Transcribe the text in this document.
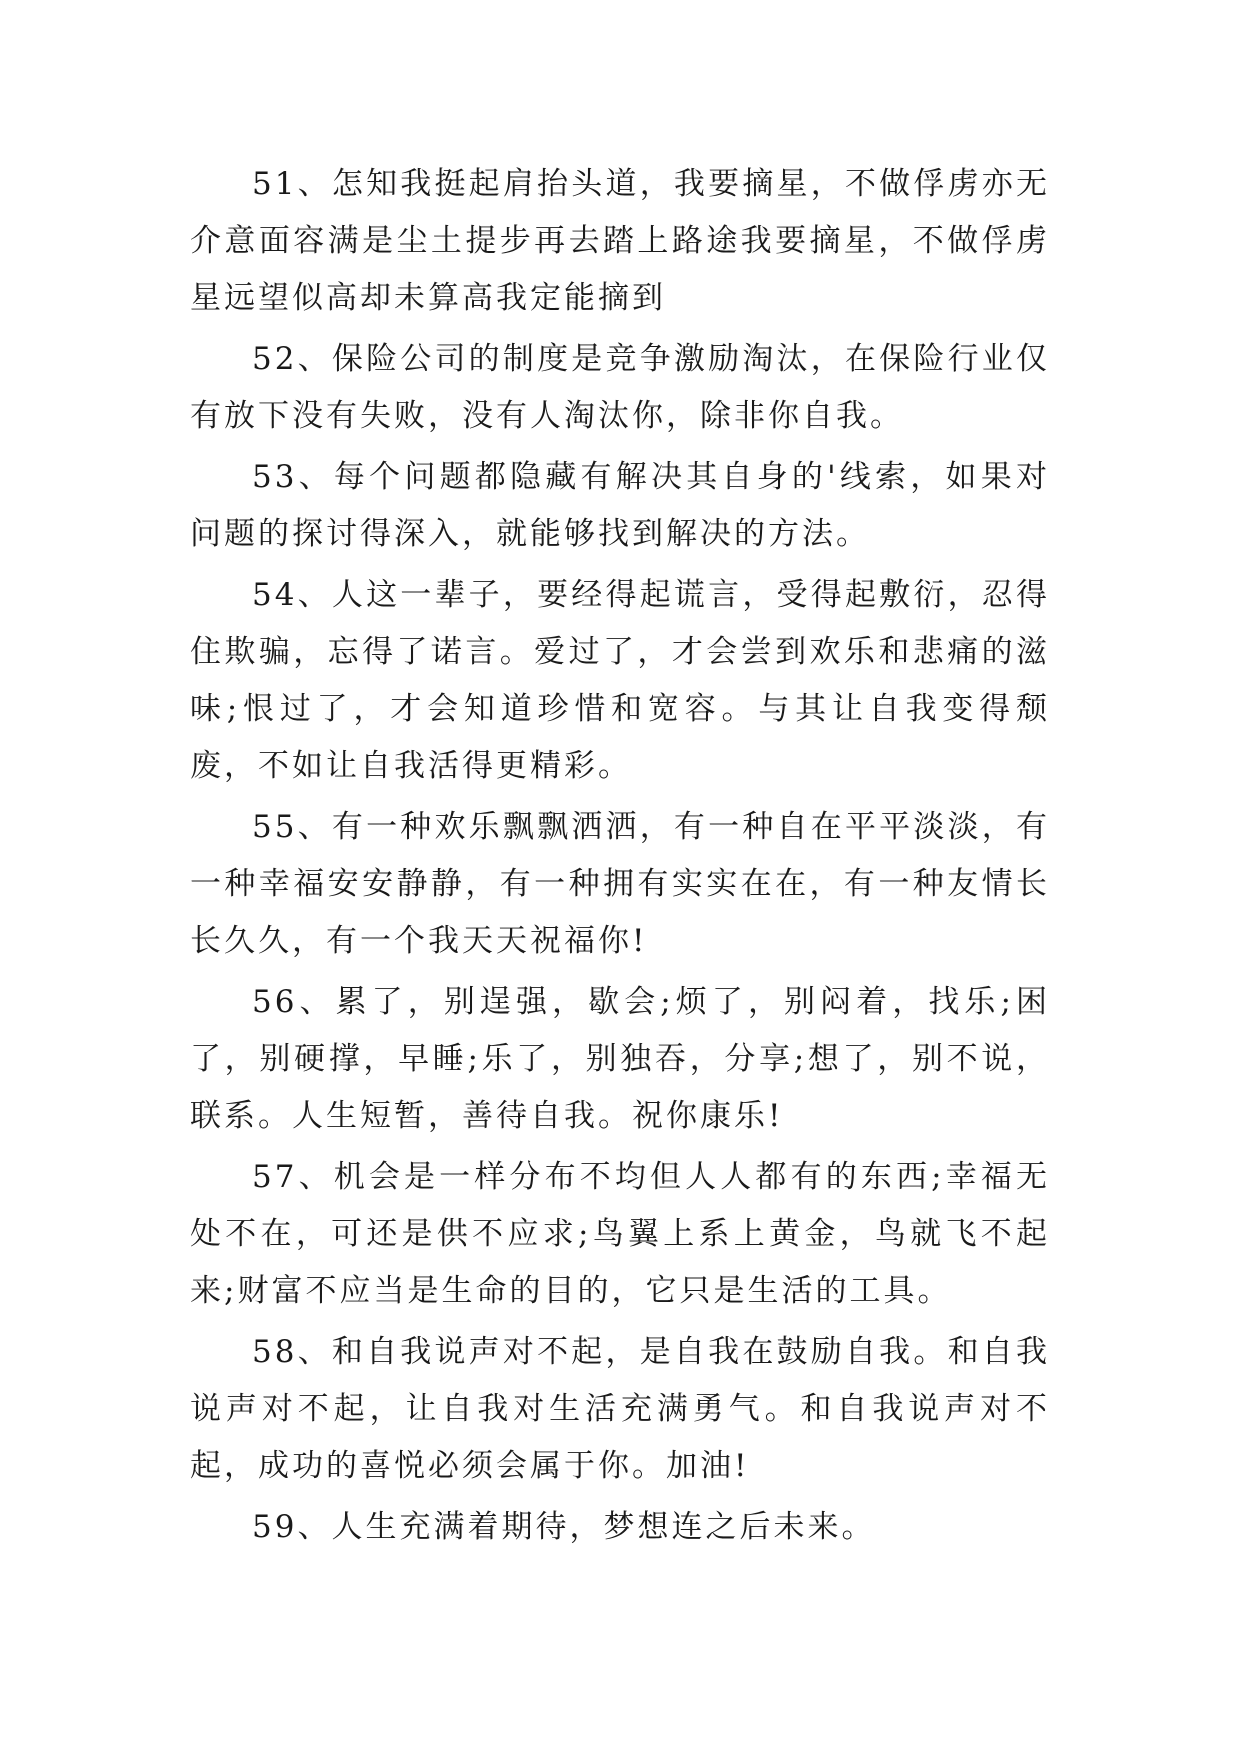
51、怎知我挺起肩抬头道，我要摘星，不做俘虏亦无介意面容满是尘土提步再去踏上路途我要摘星，不做俘虏星远望似高却未算高我定能摘到

52、保险公司的制度是竞争激励淘汰，在保险行业仅有放下没有失败，没有人淘汰你，除非你自我。

53、每个问题都隐藏有解决其自身的'线索，如果对问题的探讨得深入，就能够找到解决的方法。

54、人这一辈子，要经得起谎言，受得起敷衍，忍得住欺骗，忘得了诺言。爱过了，才会尝到欢乐和悲痛的滋味;恨过了，才会知道珍惜和宽容。与其让自我变得颓废，不如让自我活得更精彩。

55、有一种欢乐飘飘洒洒，有一种自在平平淡淡，有一种幸福安安静静，有一种拥有实实在在，有一种友情长长久久，有一个我天天祝福你!

56、累了，别逞强，歇会;烦了，别闷着，找乐;困了，别硬撑，早睡;乐了，别独吞，分享;想了，别不说，联系。人生短暂，善待自我。祝你康乐!

57、机会是一样分布不均但人人都有的东西;幸福无处不在，可还是供不应求;鸟翼上系上黄金，鸟就飞不起来;财富不应当是生命的目的，它只是生活的工具。

58、和自我说声对不起，是自我在鼓励自我。和自我说声对不起，让自我对生活充满勇气。和自我说声对不起，成功的喜悦必须会属于你。加油!

59、人生充满着期待，梦想连之后未来。
